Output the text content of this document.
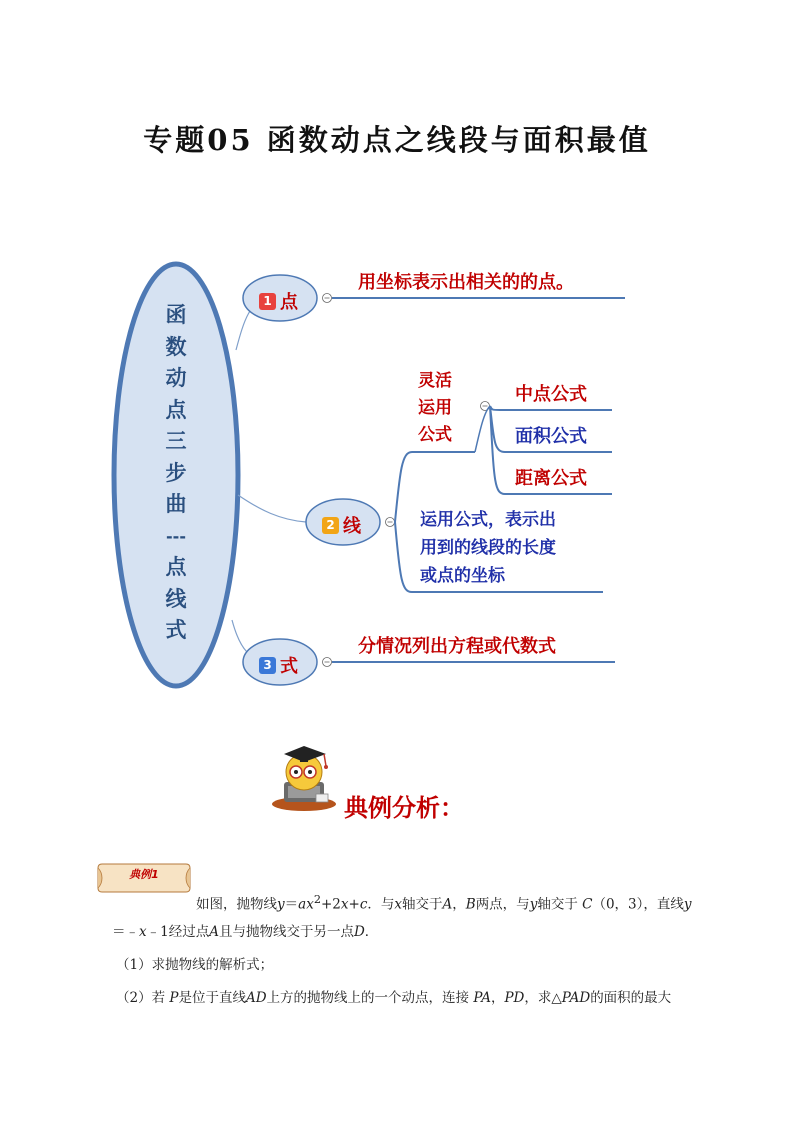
专题05 函数动点之线段与面积最值
函
数
动
点
三
步
曲
---
点
线
式
1 点
2 线
3 式
用坐标表示出相关的的点。
灵活
运用
公式
中点公式
面积公式
距离公式
运用公式，表示出
用到的线段的长度
或点的坐标
分情况列出方程或代数式
典例分析：
典例1
如图，抛物线$y=ax^2+2x+c$．与x轴交于A，B两点，与y轴交于 C（0，3），直线y
＝﹣x﹣1经过点A且与抛物线交于另一点D．
（1）求抛物线的解析式；
（2）若 P是位于直线AD上方的抛物线上的一个动点，连接 PA，PD，求△PAD的面积的最大
